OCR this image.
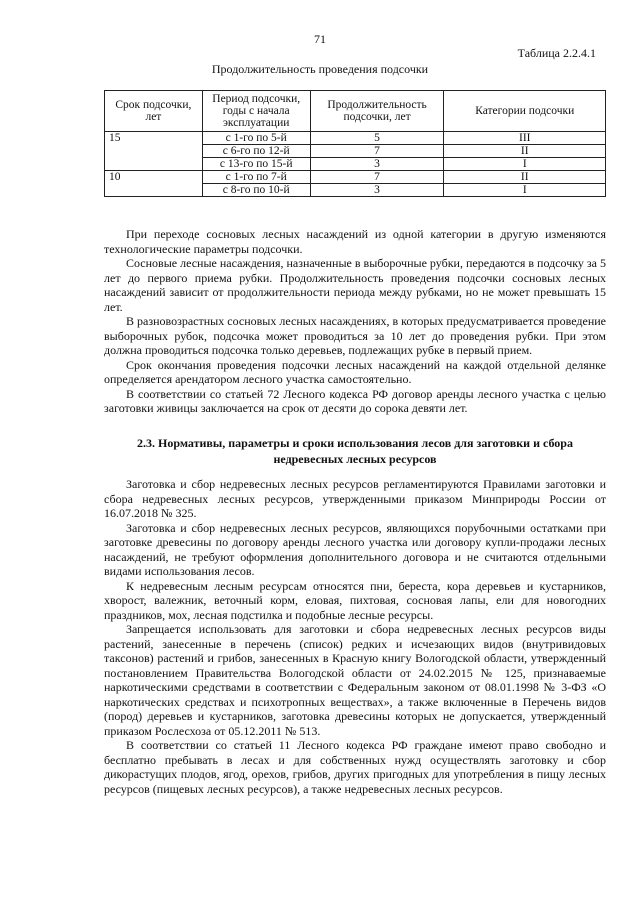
71
Таблица 2.2.4.1
Продолжительность проведения подсочки
Срок подсочки, лет	Период подсочки, годы с начала эксплуатации	Продолжительность подсочки, лет	Категории подсочки
15	с 1-го по 5-й	5	III
	с 6-го по 12-й	7	II
	с 13-го по 15-й	3	I
10	с 1-го по 7-й	7	II
	с 8-го по 10-й	3	I

При переходе сосновых лесных насаждений из одной категории в другую изменяются технологические параметры подсочки.

Сосновые лесные насаждения, назначенные в выборочные рубки, передаются в подсочку за 5 лет до первого приема рубки. Продолжительность проведения подсочки сосновых лесных насаждений зависит от продолжительности периода между рубками, но не может превышать 15 лет.

В разновозрастных сосновых лесных насаждениях, в которых предусматривается проведение выборочных рубок, подсочка может проводиться за 10 лет до проведения рубки. При этом должна проводиться подсочка только деревьев, подлежащих рубке в первый прием.

Срок окончания проведения подсочки лесных насаждений на каждой отдельной делянке определяется арендатором лесного участка самостоятельно.

В соответствии со статьей 72 Лесного кодекса РФ договор аренды лесного участка с целью заготовки живицы заключается на срок от десяти до сорока девяти лет.

2.3. Нормативы, параметры и сроки использования лесов для заготовки и сбора недревесных лесных ресурсов

Заготовка и сбор недревесных лесных ресурсов регламентируются Правилами заготовки и сбора недревесных лесных ресурсов, утвержденными приказом Минприроды России от 16.07.2018 № 325.

Заготовка и сбор недревесных лесных ресурсов, являющихся порубочными остатками при заготовке древесины по договору аренды лесного участка или договору купли-продажи лесных насаждений, не требуют оформления дополнительного договора и не считаются отдельными видами использования лесов.

К недревесным лесным ресурсам относятся пни, береста, кора деревьев и кустарников, хворост, валежник, веточный корм, еловая, пихтовая, сосновая лапы, ели для новогодних праздников, мох, лесная подстилка и подобные лесные ресурсы.

Запрещается использовать для заготовки и сбора недревесных лесных ресурсов виды растений, занесенные в перечень (список) редких и исчезающих видов (внутривидовых таксонов) растений и грибов, занесенных в Красную книгу Вологодской области, утвержденный постановлением Правительства Вологодской области от 24.02.2015 № 125, признаваемые наркотическими средствами в соответствии с Федеральным законом от 08.01.1998 № 3-ФЗ «О наркотических средствах и психотропных веществах», а также включенные в Перечень видов (пород) деревьев и кустарников, заготовка древесины которых не допускается, утвержденный приказом Рослесхоза от 05.12.2011 № 513.

В соответствии со статьей 11 Лесного кодекса РФ граждане имеют право свободно и бесплатно пребывать в лесах и для собственных нужд осуществлять заготовку и сбор дикорастущих плодов, ягод, орехов, грибов, других пригодных для употребления в пищу лесных ресурсов (пищевых лесных ресурсов), а также недревесных лесных ресурсов.
